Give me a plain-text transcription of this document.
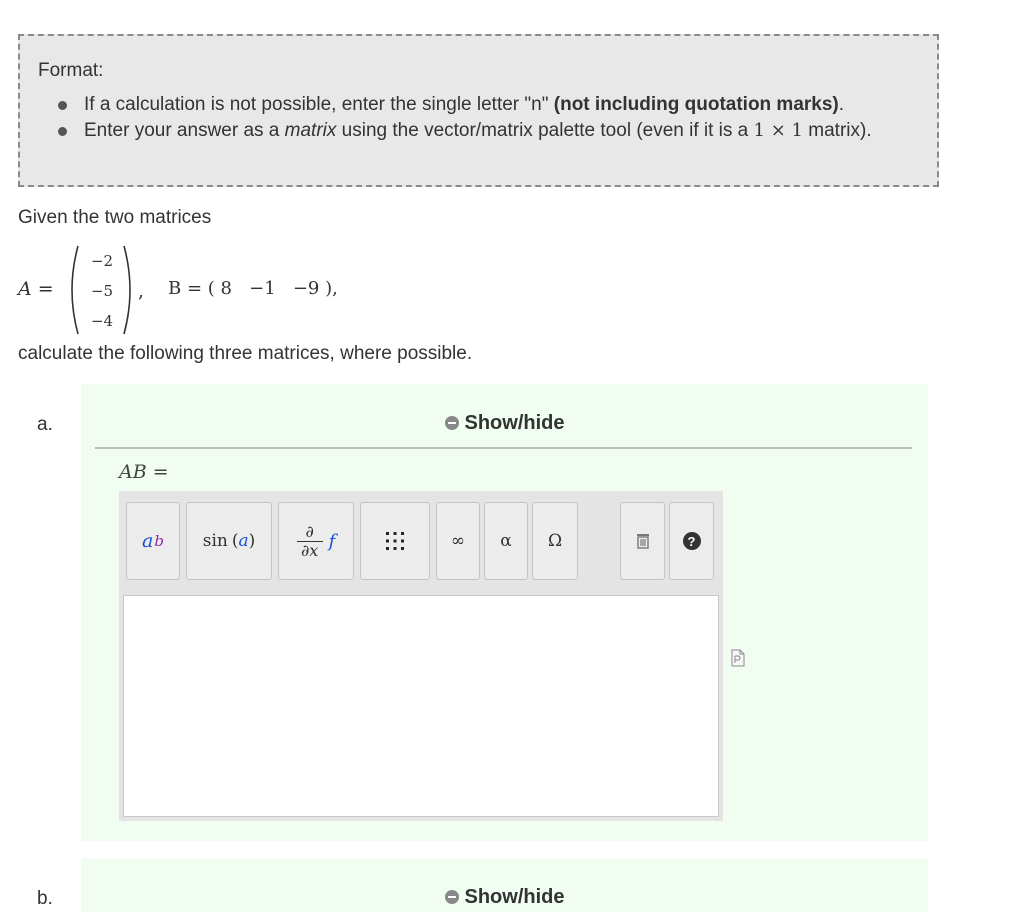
Format:
If a calculation is not possible, enter the single letter "n" (not including quotation marks).
Enter your answer as a matrix using the vector/matrix palette tool (even if it is a 1 × 1 matrix).
Given the two matrices
A =
−2
−5
−4
, B = ( 8   −1   −9 ),
calculate the following three matrices, where possible.
a.	Show/hide
AB =
a b sin ( a )	∂
∂x f	∞	α	Ω	?
b.	Show/hide
